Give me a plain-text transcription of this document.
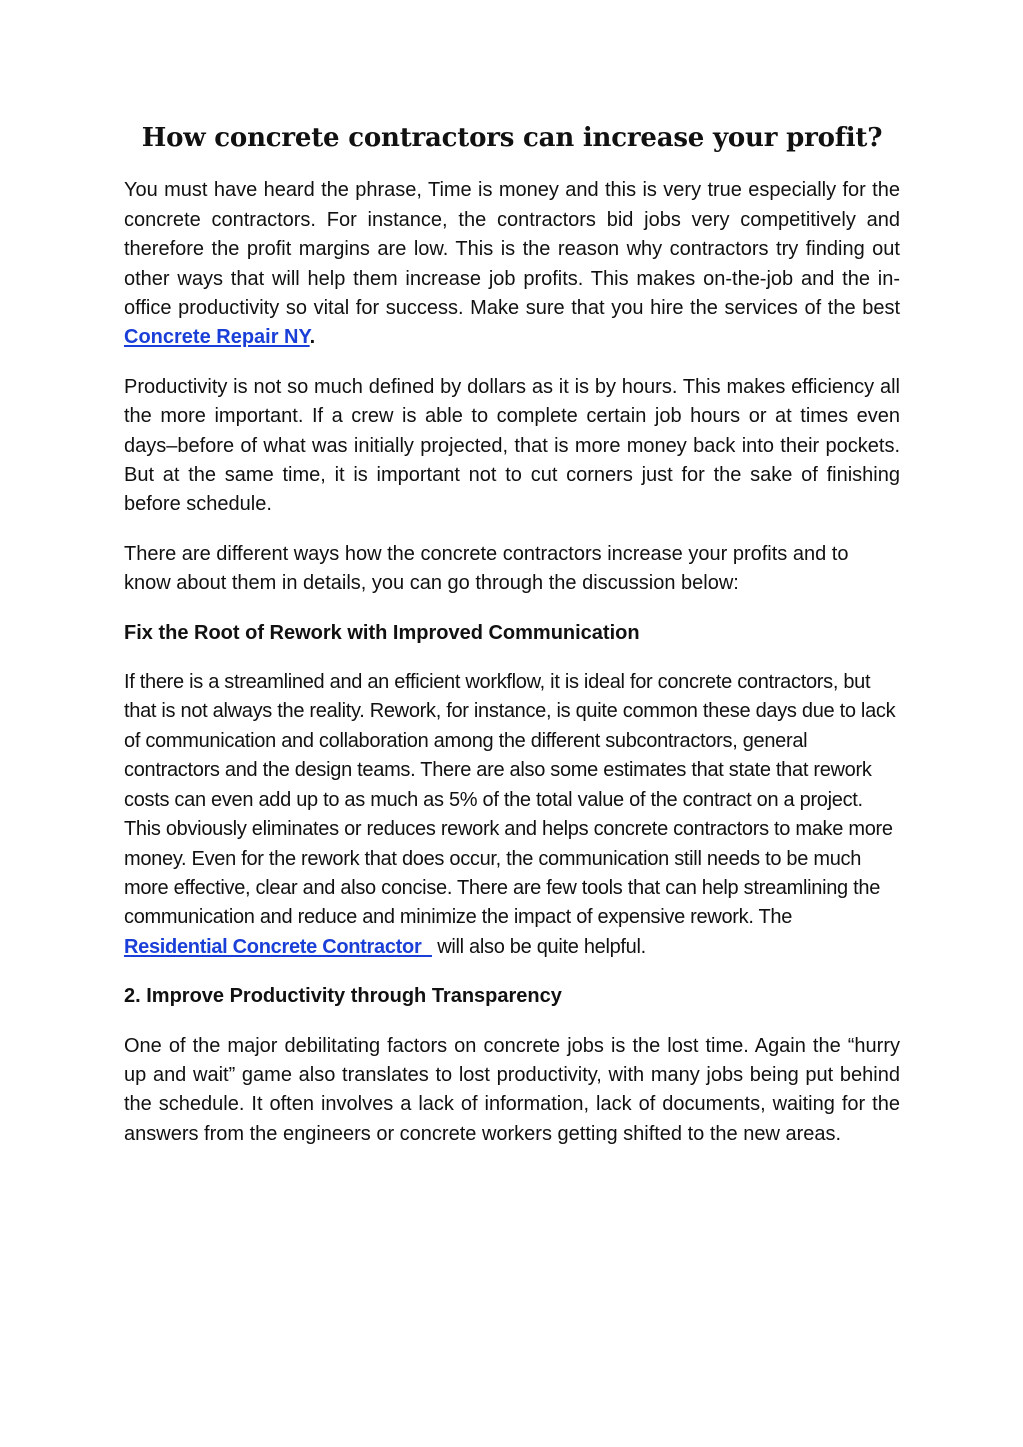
How concrete contractors can increase your profit?

You must have heard the phrase, Time is money and this is very true especially for the concrete contractors. For instance, the contractors bid jobs very competitively and therefore the profit margins are low. This is the reason why contractors try finding out other ways that will help them increase job profits. This makes on-the-job and the in-office productivity so vital for success. Make sure that you hire the services of the best Concrete Repair NY.

Productivity is not so much defined by dollars as it is by hours. This makes efficiency all the more important. If a crew is able to complete certain job hours or at times even days–before of what was initially projected, that is more money back into their pockets. But at the same time, it is important not to cut corners just for the sake of finishing before schedule.

There are different ways how the concrete contractors increase your profits and to know about them in details, you can go through the discussion below:

Fix the Root of Rework with Improved Communication

If there is a streamlined and an efficient workflow, it is ideal for concrete contractors, but that is not always the reality. Rework, for instance, is quite common these days due to lack of communication and collaboration among the different subcontractors, general contractors and the design teams. There are also some estimates that state that rework costs can even add up to as much as 5% of the total value of the contract on a project. This obviously eliminates or reduces rework and helps concrete contractors to make more money. Even for the rework that does occur, the communication still needs to be much more effective, clear and also concise. There are few tools that can help streamlining the communication and reduce and minimize the impact of expensive rework. The Residential Concrete Contractor   will also be quite helpful.

2. Improve Productivity through Transparency

One of the major debilitating factors on concrete jobs is the lost time. Again the “hurry up and wait” game also translates to lost productivity, with many jobs being put behind the schedule. It often involves a lack of information, lack of documents, waiting for the answers from the engineers or concrete workers getting shifted to the new areas.
